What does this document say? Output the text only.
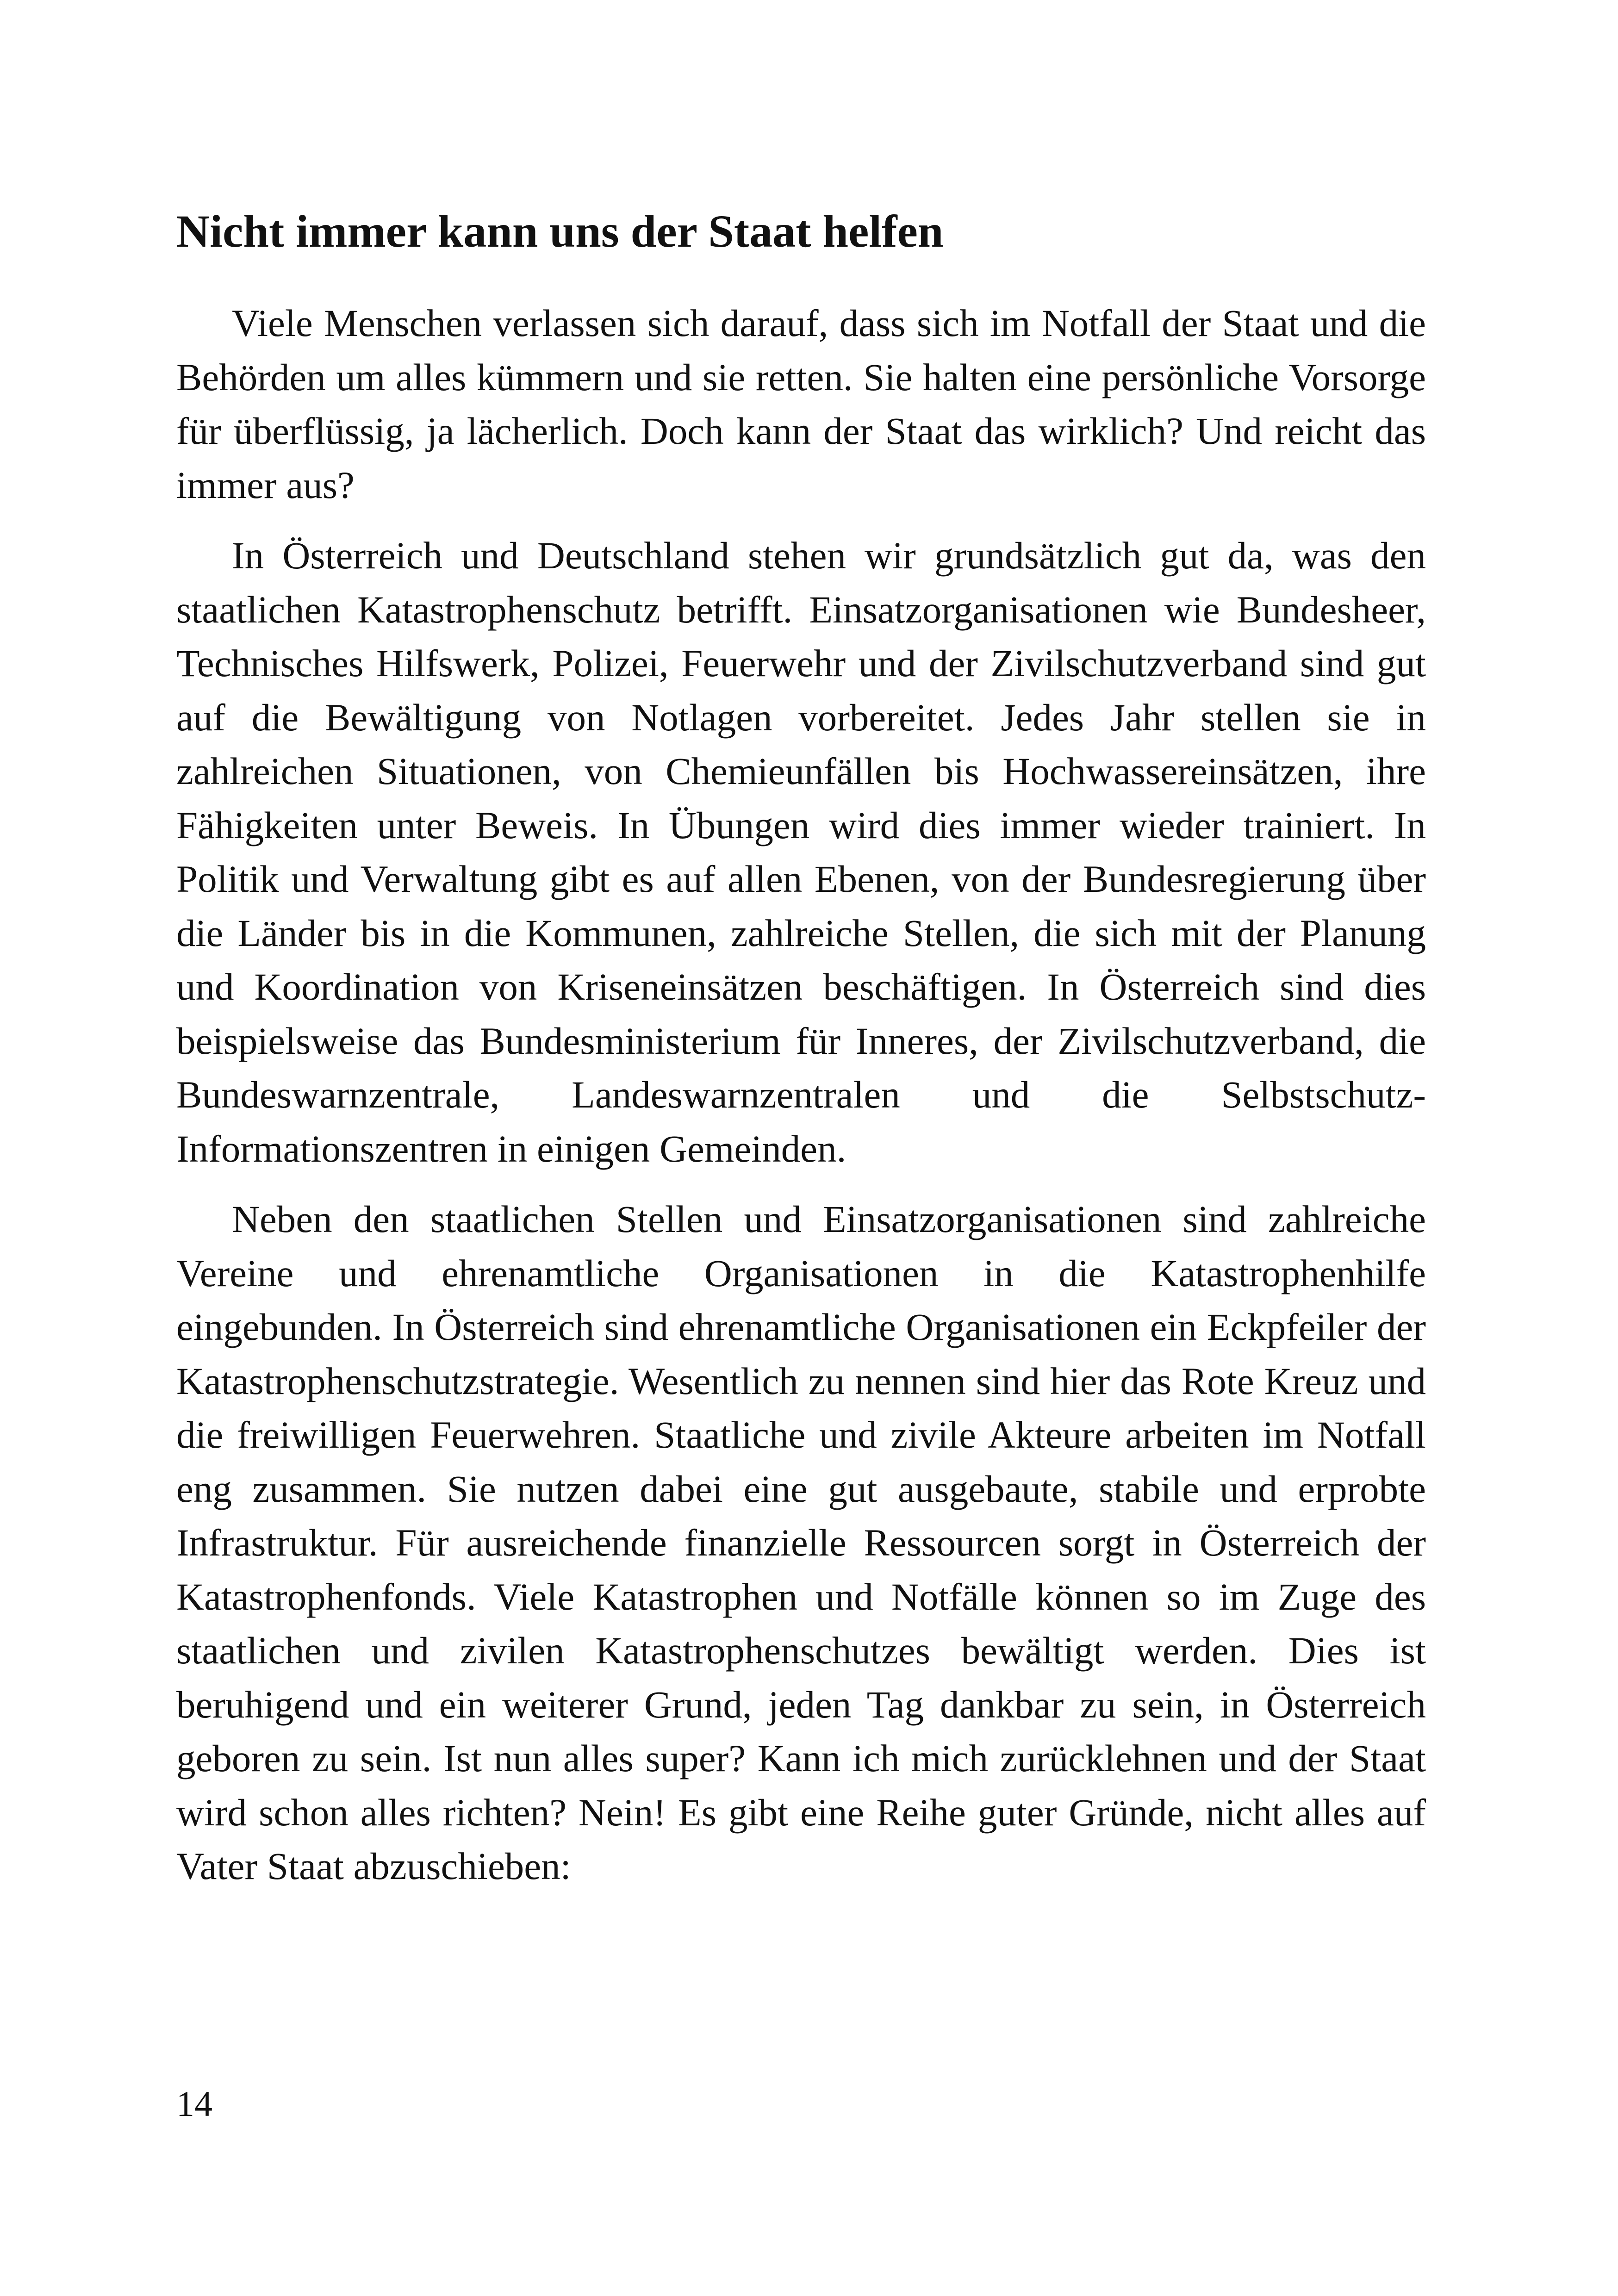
Nicht immer kann uns der Staat helfen

Viele Menschen verlassen sich darauf, dass sich im Notfall der Staat und die Behörden um alles kümmern und sie retten. Sie halten eine persönliche Vorsorge für überflüssig, ja lächerlich. Doch kann der Staat das wirklich? Und reicht das immer aus?

In Österreich und Deutschland stehen wir grundsätzlich gut da, was den staatlichen Katastrophenschutz betrifft. Einsatzorganisationen wie Bundesheer, Technisches Hilfswerk, Polizei, Feuerwehr und der Zivilschutzverband sind gut auf die Bewältigung von Notlagen vorbereitet. Jedes Jahr stellen sie in zahlreichen Situationen, von Chemieunfällen bis Hochwassereinsätzen, ihre Fähigkeiten unter Beweis. In Übungen wird dies immer wieder trainiert. In Politik und Verwaltung gibt es auf allen Ebenen, von der Bundesregierung über die Länder bis in die Kommunen, zahlreiche Stellen, die sich mit der Planung und Koordination von Kriseneinsätzen beschäftigen. In Österreich sind dies beispielsweise das Bundesministerium für Inneres, der Zivilschutzverband, die Bundeswarnzentrale, Landeswarnzentralen und die Selbstschutz-Informationszentren in einigen Gemeinden.

Neben den staatlichen Stellen und Einsatzorganisationen sind zahlreiche Vereine und ehrenamtliche Organisationen in die Katastrophenhilfe eingebunden. In Österreich sind ehrenamtliche Organisationen ein Eckpfeiler der Katastrophenschutzstrategie. Wesentlich zu nennen sind hier das Rote Kreuz und die freiwilligen Feuerwehren. Staatliche und zivile Akteure arbeiten im Notfall eng zusammen. Sie nutzen dabei eine gut ausgebaute, stabile und erprobte Infrastruktur. Für ausreichende finanzielle Ressourcen sorgt in Österreich der Katastrophenfonds. Viele Katastrophen und Notfälle können so im Zuge des staatlichen und zivilen Katastrophenschutzes bewältigt werden. Dies ist beruhigend und ein weiterer Grund, jeden Tag dankbar zu sein, in Österreich geboren zu sein. Ist nun alles super? Kann ich mich zurücklehnen und der Staat wird schon alles richten? Nein! Es gibt eine Reihe guter Gründe, nicht alles auf Vater Staat abzuschieben:

14
